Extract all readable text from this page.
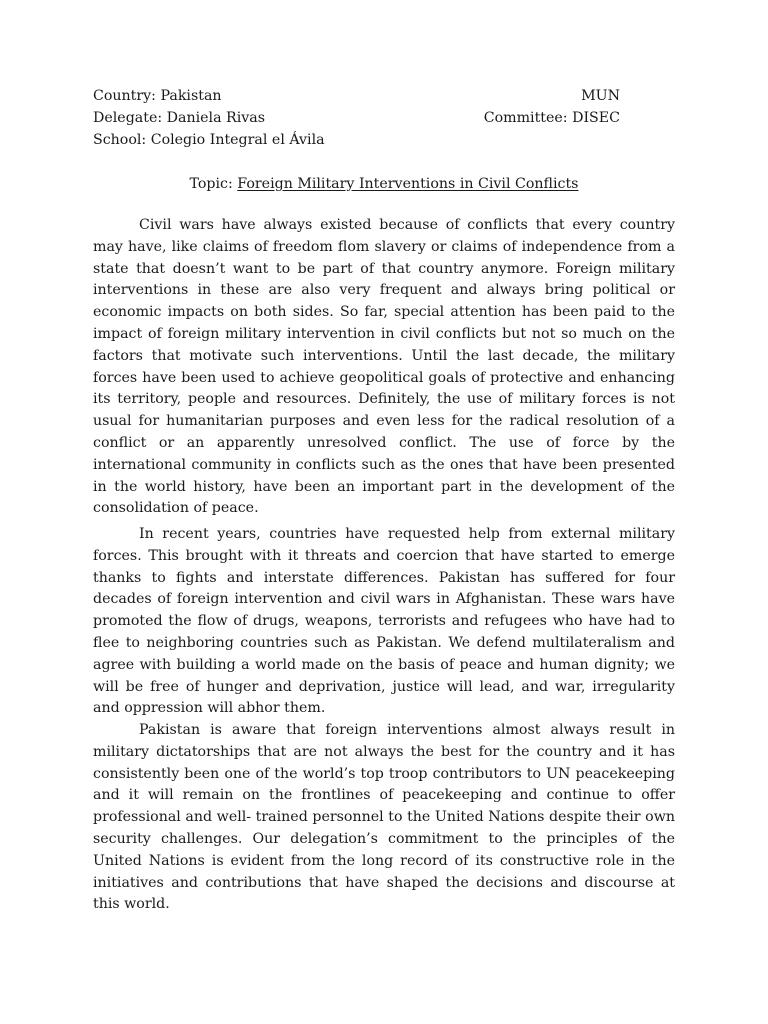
Country: Pakistan	MUN
Delegate: Daniela Rivas	Committee: DISEC
School: Colegio Integral el Ávila
Topic: Foreign Military Interventions in Civil Conflicts

Civil wars have always existed because of conflicts that every country may have, like claims of freedom flom slavery or claims of independence from a state that doesn’t want to be part of that country anymore. Foreign military interventions in these are also very frequent and always bring political or economic impacts on both sides. So far, special attention has been paid to the impact of foreign military intervention in civil conflicts but not so much on the factors that motivate such interventions. Until the last decade, the military forces have been used to achieve geopolitical goals of protective and enhancing its territory, people and resources. Definitely, the use of military forces is not usual for humanitarian purposes and even less for the radical resolution of a conflict or an apparently unresolved conflict. The use of force by the international community in conflicts such as the ones that have been presented in the world history, have been an important part in the development of the consolidation of peace.

In recent years, countries have requested help from external military forces. This brought with it threats and coercion that have started to emerge thanks to fights and interstate differences. Pakistan has suffered for four decades of foreign intervention and civil wars in Afghanistan. These wars have promoted the flow of drugs, weapons, terrorists and refugees who have had to flee to neighboring countries such as Pakistan. We defend multilateralism and agree with building a world made on the basis of peace and human dignity; we will be free of hunger and deprivation, justice will lead, and war, irregularity and oppression will abhor them.

Pakistan is aware that foreign interventions almost always result in military dictatorships that are not always the best for the country and it has consistently been one of the world’s top troop contributors to UN peacekeeping and it will remain on the frontlines of peacekeeping and continue to offer professional and well- trained personnel to the United Nations despite their own security challenges. Our delegation’s commitment to the principles of the United Nations is evident from the long record of its constructive role in the initiatives and contributions that have shaped the decisions and discourse at this world.
